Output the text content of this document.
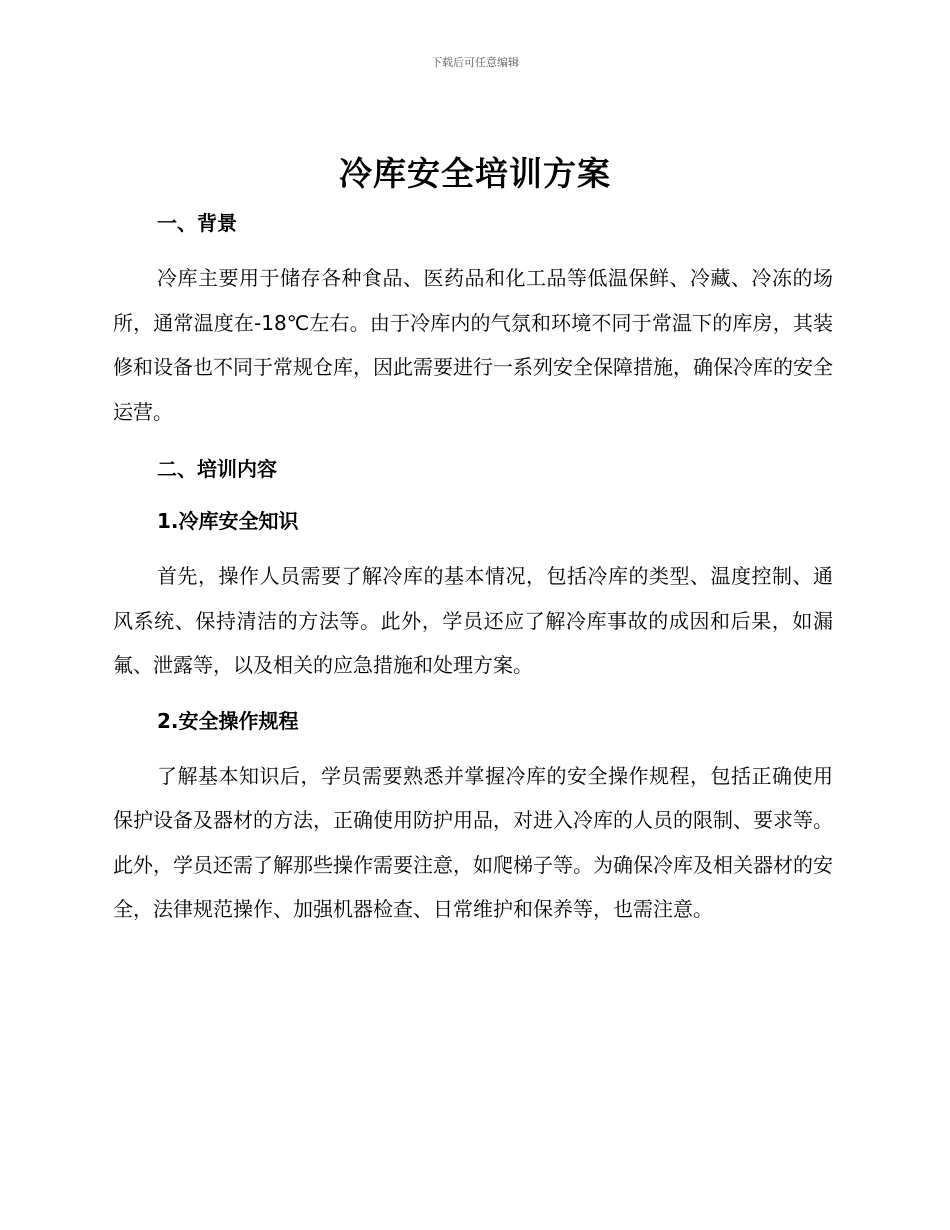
下载后可任意编辑
冷库安全培训方案
一、背景

冷库主要用于储存各种食品、医药品和化工品等低温保鲜、冷藏、冷冻的场所，通常温度在-18℃左右。由于冷库内的气氛和环境不同于常温下的库房，其装修和设备也不同于常规仓库，因此需要进行一系列安全保障措施，确保冷库的安全运营。

二、培训内容
1.冷库安全知识

首先，操作人员需要了解冷库的基本情况，包括冷库的类型、温度控制、通风系统、保持清洁的方法等。此外，学员还应了解冷库事故的成因和后果，如漏氟、泄露等，以及相关的应急措施和处理方案。

2.安全操作规程

了解基本知识后，学员需要熟悉并掌握冷库的安全操作规程，包括正确使用保护设备及器材的方法，正确使用防护用品，对进入冷库的人员的限制、要求等。此外，学员还需了解那些操作需要注意，如爬梯子等。为确保冷库及相关器材的安全，法律规范操作、加强机器检查、日常维护和保养等，也需注意。
